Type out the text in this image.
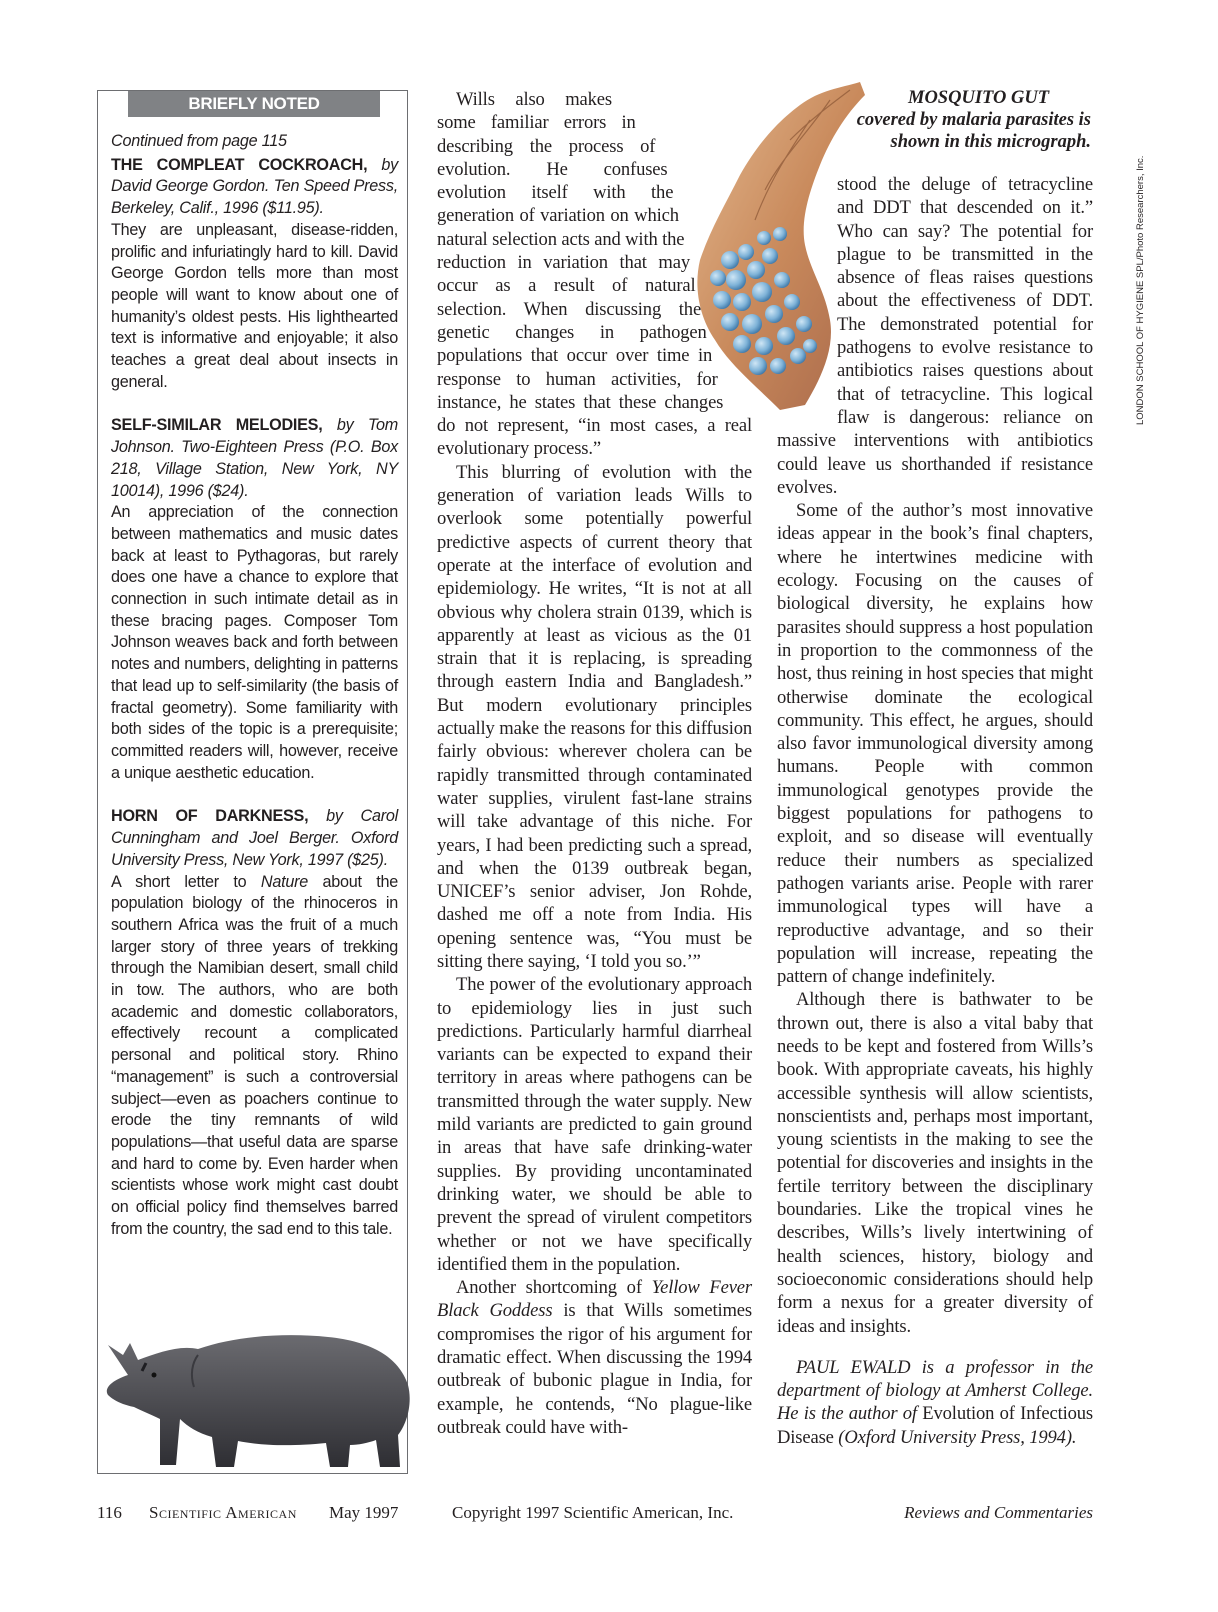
BRIEFLY NOTED

Continued from page 115

THE COMPLEAT COCKROACH, by David George Gordon. Ten Speed Press, Berkeley, Calif., 1996 ($11.95).

They are unpleasant, disease-ridden, prolific and infuriatingly hard to kill. David George Gordon tells more than most people will want to know about one of humanity’s oldest pests. His lighthearted text is informative and enjoyable; it also teaches a great deal about insects in general.

SELF-SIMILAR MELODIES, by Tom Johnson. Two-Eighteen Press (P.O. Box 218, Village Station, New York, NY 10014), 1996 ($24).

An appreciation of the connection between mathematics and music dates back at least to Pythagoras, but rarely does one have a chance to explore that connection in such intimate detail as in these bracing pages. Composer Tom Johnson weaves back and forth between notes and numbers, delighting in patterns that lead up to self-similarity (the basis of fractal geometry). Some familiarity with both sides of the topic is a prerequisite; committed readers will, however, receive a unique aesthetic education.

HORN OF DARKNESS, by Carol Cunningham and Joel Berger. Oxford University Press, New York, 1997 ($25).

A short letter to Nature about the population biology of the rhinoceros in southern Africa was the fruit of a much larger story of three years of trekking through the Namibian desert, small child in tow. The authors, who are both academic and domestic collaborators, effectively recount a complicated personal and political story. Rhino “management” is such a controversial subject—even as poachers continue to erode the tiny remnants of wild populations—that useful data are sparse and hard to come by. Even harder when scientists whose work might cast doubt on official policy find themselves barred from the country, the sad end to this tale.

MOSQUITO GUT
covered by malaria parasites is shown in this micrograph.
LONDON SCHOOL OF HYGIENE SPL/Photo Researchers, Inc.

Wills also makes some familiar errors in describing the process of evolution. He confuses evolution itself with the generation of variation on which natural selection acts and with the reduction in variation that may occur as a result of natural selection. When discussing the genetic changes in pathogen populations that occur over time in response to human activities, for instance, he states that these changes do not represent, “in most cases, a real evolutionary process.”

This blurring of evolution with the generation of variation leads Wills to overlook some potentially powerful predictive aspects of current theory that operate at the interface of evolution and epidemiology. He writes, “It is not at all obvious why cholera strain 0139, which is apparently at least as vicious as the 01 strain that it is replacing, is spreading through eastern India and Bangladesh.” But modern evolutionary principles actually make the reasons for this diffusion fairly obvious: wherever cholera can be rapidly transmitted through contaminated water supplies, virulent fast-lane strains will take advantage of this niche. For years, I had been predicting such a spread, and when the 0139 outbreak began, UNICEF’s senior adviser, Jon Rohde, dashed me off a note from India. His opening sentence was, “You must be sitting there saying, ‘I told you so.’”

The power of the evolutionary approach to epidemiology lies in just such predictions. Particularly harmful diarrheal variants can be expected to expand their territory in areas where pathogens can be transmitted through the water supply. New mild variants are predicted to gain ground in areas that have safe drinking-water supplies. By providing uncontaminated drinking water, we should be able to prevent the spread of virulent competitors whether or not we have specifically identified them in the population.

Another shortcoming of Yellow Fever Black Goddess is that Wills sometimes compromises the rigor of his argument for dramatic effect. When discussing the 1994 outbreak of bubonic plague in India, for example, he contends, “No plague-like outbreak could have with-

stood the deluge of tetracycline and DDT that descended on it.” Who can say? The potential for plague to be transmitted in the absence of fleas raises questions about the effectiveness of DDT. The demonstrated potential for pathogens to evolve resistance to antibiotics raises questions about that of tetracycline. This logical flaw is dangerous: reliance on massive interventions with antibiotics could leave us shorthanded if resistance evolves.

Some of the author’s most innovative ideas appear in the book’s final chapters, where he intertwines medicine with ecology. Focusing on the causes of biological diversity, he explains how parasites should suppress a host population in proportion to the commonness of the host, thus reining in host species that might otherwise dominate the ecological community. This effect, he argues, should also favor immunological diversity among humans. People with common immunological genotypes provide the biggest populations for pathogens to exploit, and so disease will eventually reduce their numbers as specialized pathogen variants arise. People with rarer immunological types will have a reproductive advantage, and so their population will increase, repeating the pattern of change indefinitely.

Although there is bathwater to be thrown out, there is also a vital baby that needs to be kept and fostered from Wills’s book. With appropriate caveats, his highly accessible synthesis will allow scientists, nonscientists and, perhaps most important, young scientists in the making to see the potential for discoveries and insights in the fertile territory between the disciplinary boundaries. Like the tropical vines he describes, Wills’s lively intertwining of health sciences, history, biology and socioeconomic considerations should help form a nexus for a greater diversity of ideas and insights.

PAUL EWALD is a professor in the department of biology at Amherst College. He is the author of Evolution of Infectious Disease (Oxford University Press, 1994).

116 Scientific American May 1997	Copyright 1997 Scientific American, Inc.	Reviews and Commentaries
